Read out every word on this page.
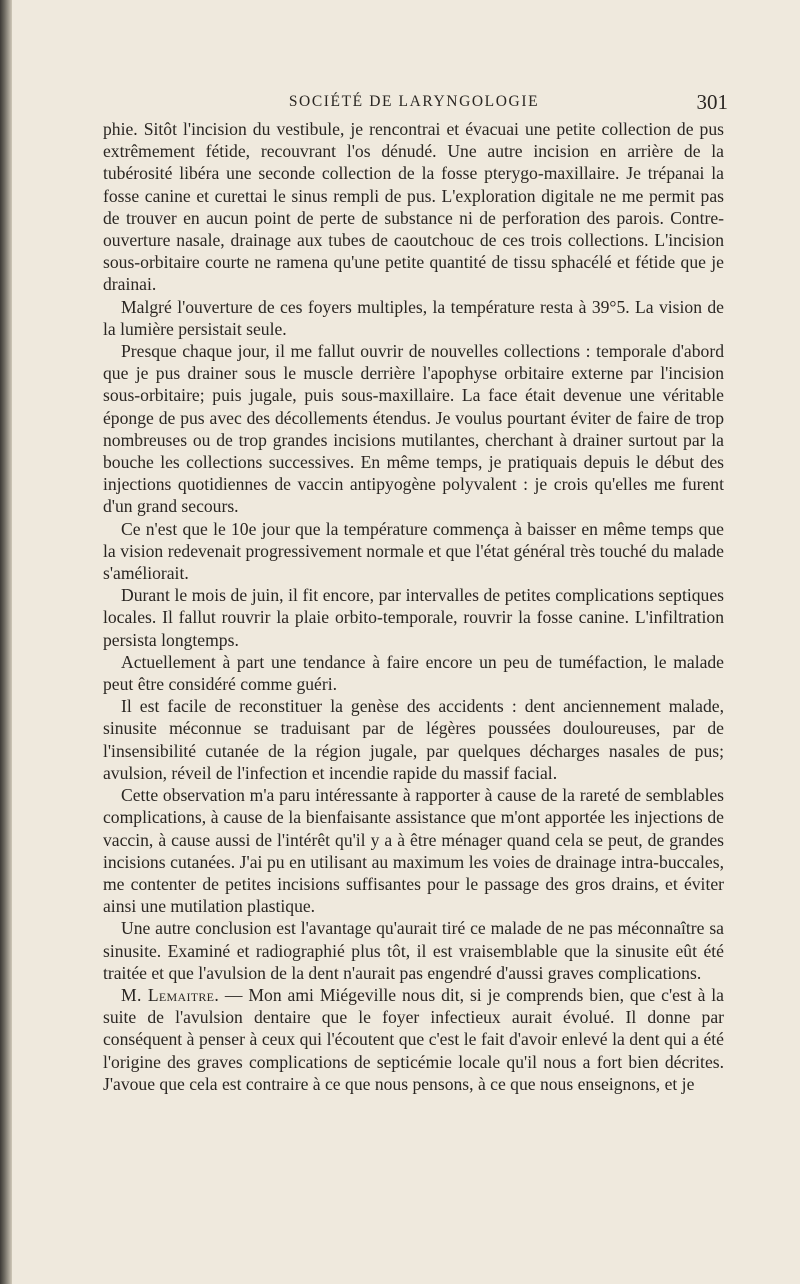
SOCIÉTÉ DE LARYNGOLOGIE	301

phie. Sitôt l'incision du vestibule, je rencontrai et évacuai une petite collection de pus extrêmement fétide, recouvrant l'os dénudé. Une autre incision en arrière de la tubérosité libéra une seconde collection de la fosse pterygo-maxillaire. Je trépanai la fosse canine et curettai le sinus rempli de pus. L'exploration digitale ne me permit pas de trouver en aucun point de perte de substance ni de perforation des parois. Contre-ouverture nasale, drainage aux tubes de caoutchouc de ces trois collections. L'incision sous-orbitaire courte ne ramena qu'une petite quantité de tissu sphacélé et fétide que je drainai.

Malgré l'ouverture de ces foyers multiples, la température resta à 39°5. La vision de la lumière persistait seule.

Presque chaque jour, il me fallut ouvrir de nouvelles collections : temporale d'abord que je pus drainer sous le muscle derrière l'apophyse orbitaire externe par l'incision sous-orbitaire; puis jugale, puis sous-maxillaire. La face était devenue une véritable éponge de pus avec des décollements étendus. Je voulus pourtant éviter de faire de trop nombreuses ou de trop grandes incisions mutilantes, cherchant à drainer surtout par la bouche les collections successives. En même temps, je pratiquais depuis le début des injections quotidiennes de vaccin antipyogène polyvalent : je crois qu'elles me furent d'un grand secours.

Ce n'est que le 10e jour que la température commença à baisser en même temps que la vision redevenait progressivement normale et que l'état général très touché du malade s'améliorait.

Durant le mois de juin, il fit encore, par intervalles de petites complications septiques locales. Il fallut rouvrir la plaie orbito-temporale, rouvrir la fosse canine. L'infiltration persista longtemps.

Actuellement à part une tendance à faire encore un peu de tuméfaction, le malade peut être considéré comme guéri.

Il est facile de reconstituer la genèse des accidents : dent anciennement malade, sinusite méconnue se traduisant par de légères poussées douloureuses, par de l'insensibilité cutanée de la région jugale, par quelques décharges nasales de pus; avulsion, réveil de l'infection et incendie rapide du massif facial.

Cette observation m'a paru intéressante à rapporter à cause de la rareté de semblables complications, à cause de la bienfaisante assistance que m'ont apportée les injections de vaccin, à cause aussi de l'intérêt qu'il y a à être ménager quand cela se peut, de grandes incisions cutanées. J'ai pu en utilisant au maximum les voies de drainage intra-buccales, me contenter de petites incisions suffisantes pour le passage des gros drains, et éviter ainsi une mutilation plastique.

Une autre conclusion est l'avantage qu'aurait tiré ce malade de ne pas méconnaître sa sinusite. Examiné et radiographié plus tôt, il est vraisemblable que la sinusite eût été traitée et que l'avulsion de la dent n'aurait pas engendré d'aussi graves complications.

M. Lemaitre. — Mon ami Miégeville nous dit, si je comprends bien, que c'est à la suite de l'avulsion dentaire que le foyer infectieux aurait évolué. Il donne par conséquent à penser à ceux qui l'écoutent que c'est le fait d'avoir enlevé la dent qui a été l'origine des graves complications de septicémie locale qu'il nous a fort bien décrites. J'avoue que cela est contraire à ce que nous pensons, à ce que nous enseignons, et je
